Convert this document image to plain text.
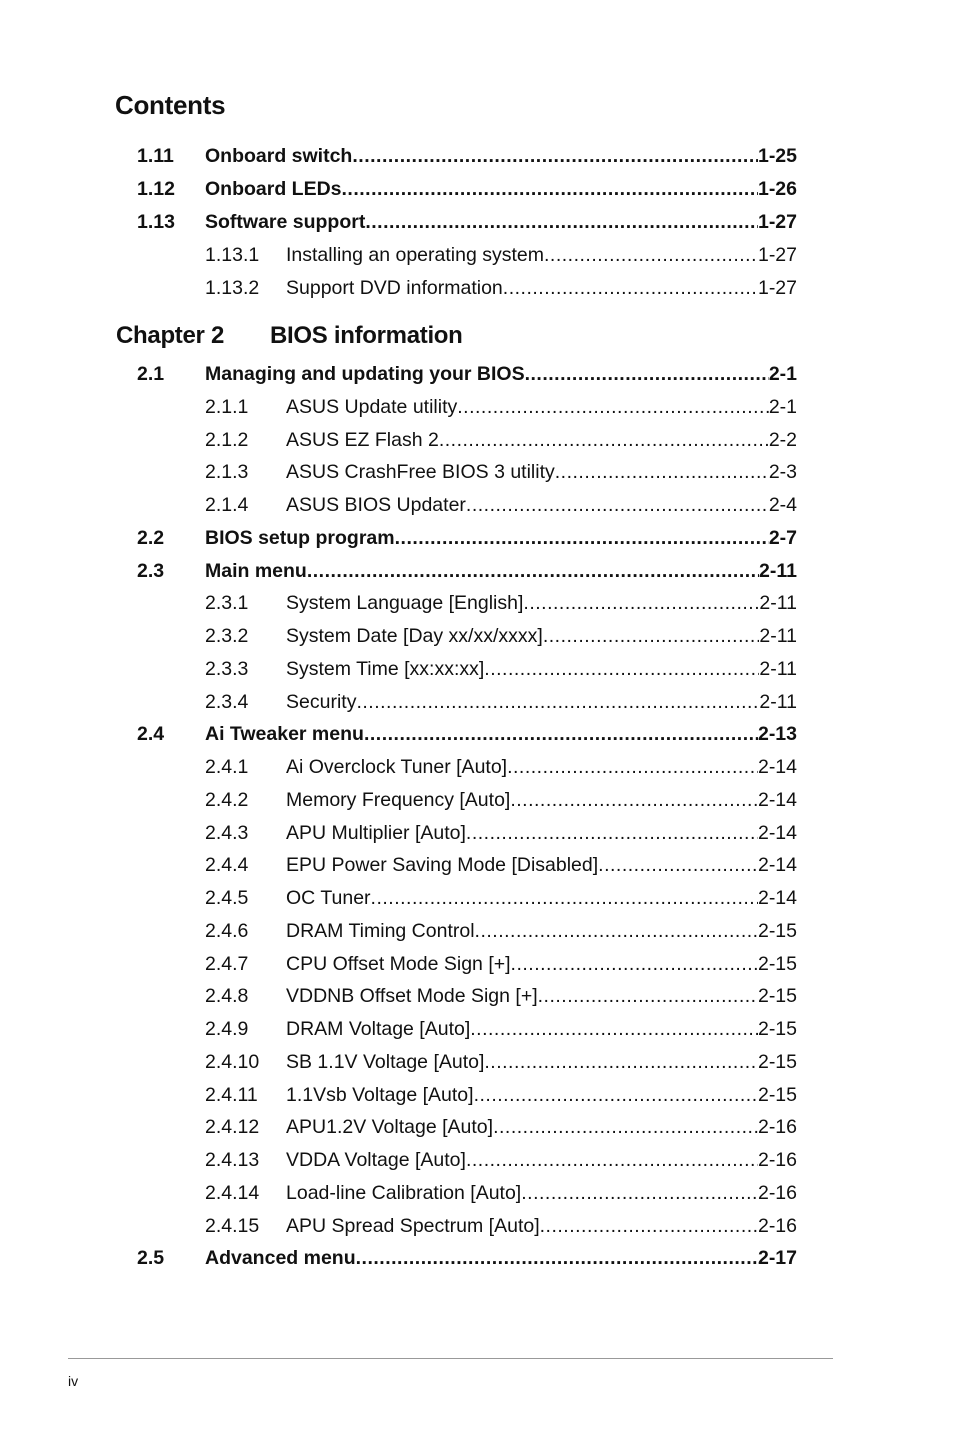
Contents
1.11 Onboard switch .....	1-25
1.12 Onboard LEDs .....	1-26
1.13 Software support .....	1-27
1.13.1 Installing an operating system .....	1-27
1.13.2 Support DVD information .....	1-27
Chapter 2 BIOS information
2.1 Managing and updating your BIOS .....	2-1
2.1.1 ASUS Update utility .....	2-1
2.1.2 ASUS EZ Flash 2 .....	2-2
2.1.3 ASUS CrashFree BIOS 3 utility .....	2-3
2.1.4 ASUS BIOS Updater .....	2-4
2.2 BIOS setup program .....	2-7
2.3 Main menu .....	2-11
2.3.1 System Language [English] .....	2-11
2.3.2 System Date [Day xx/xx/xxxx] .....	2-11
2.3.3 System Time [xx:xx:xx] .....	2-11
2.3.4 Security .....	2-11
2.4 Ai Tweaker menu .....	2-13
2.4.1 Ai Overclock Tuner [Auto] .....	2-14
2.4.2 Memory Frequency [Auto] .....	2-14
2.4.3 APU Multiplier [Auto] .....	2-14
2.4.4 EPU Power Saving Mode [Disabled] .....	2-14
2.4.5 OC Tuner .....	2-14
2.4.6 DRAM Timing Control .....	2-15
2.4.7 CPU Offset Mode Sign [+] .....	2-15
2.4.8 VDDNB Offset Mode Sign [+] .....	2-15
2.4.9 DRAM Voltage [Auto] .....	2-15
2.4.10 SB 1.1V Voltage [Auto] .....	2-15
2.4.11 1.1Vsb Voltage [Auto] .....	2-15
2.4.12 APU1.2V Voltage [Auto] .....	2-16
2.4.13 VDDA Voltage [Auto] .....	2-16
2.4.14 Load-line Calibration [Auto] .....	2-16
2.4.15 APU Spread Spectrum [Auto] .....	2-16
2.5 Advanced menu .....	2-17
iv
